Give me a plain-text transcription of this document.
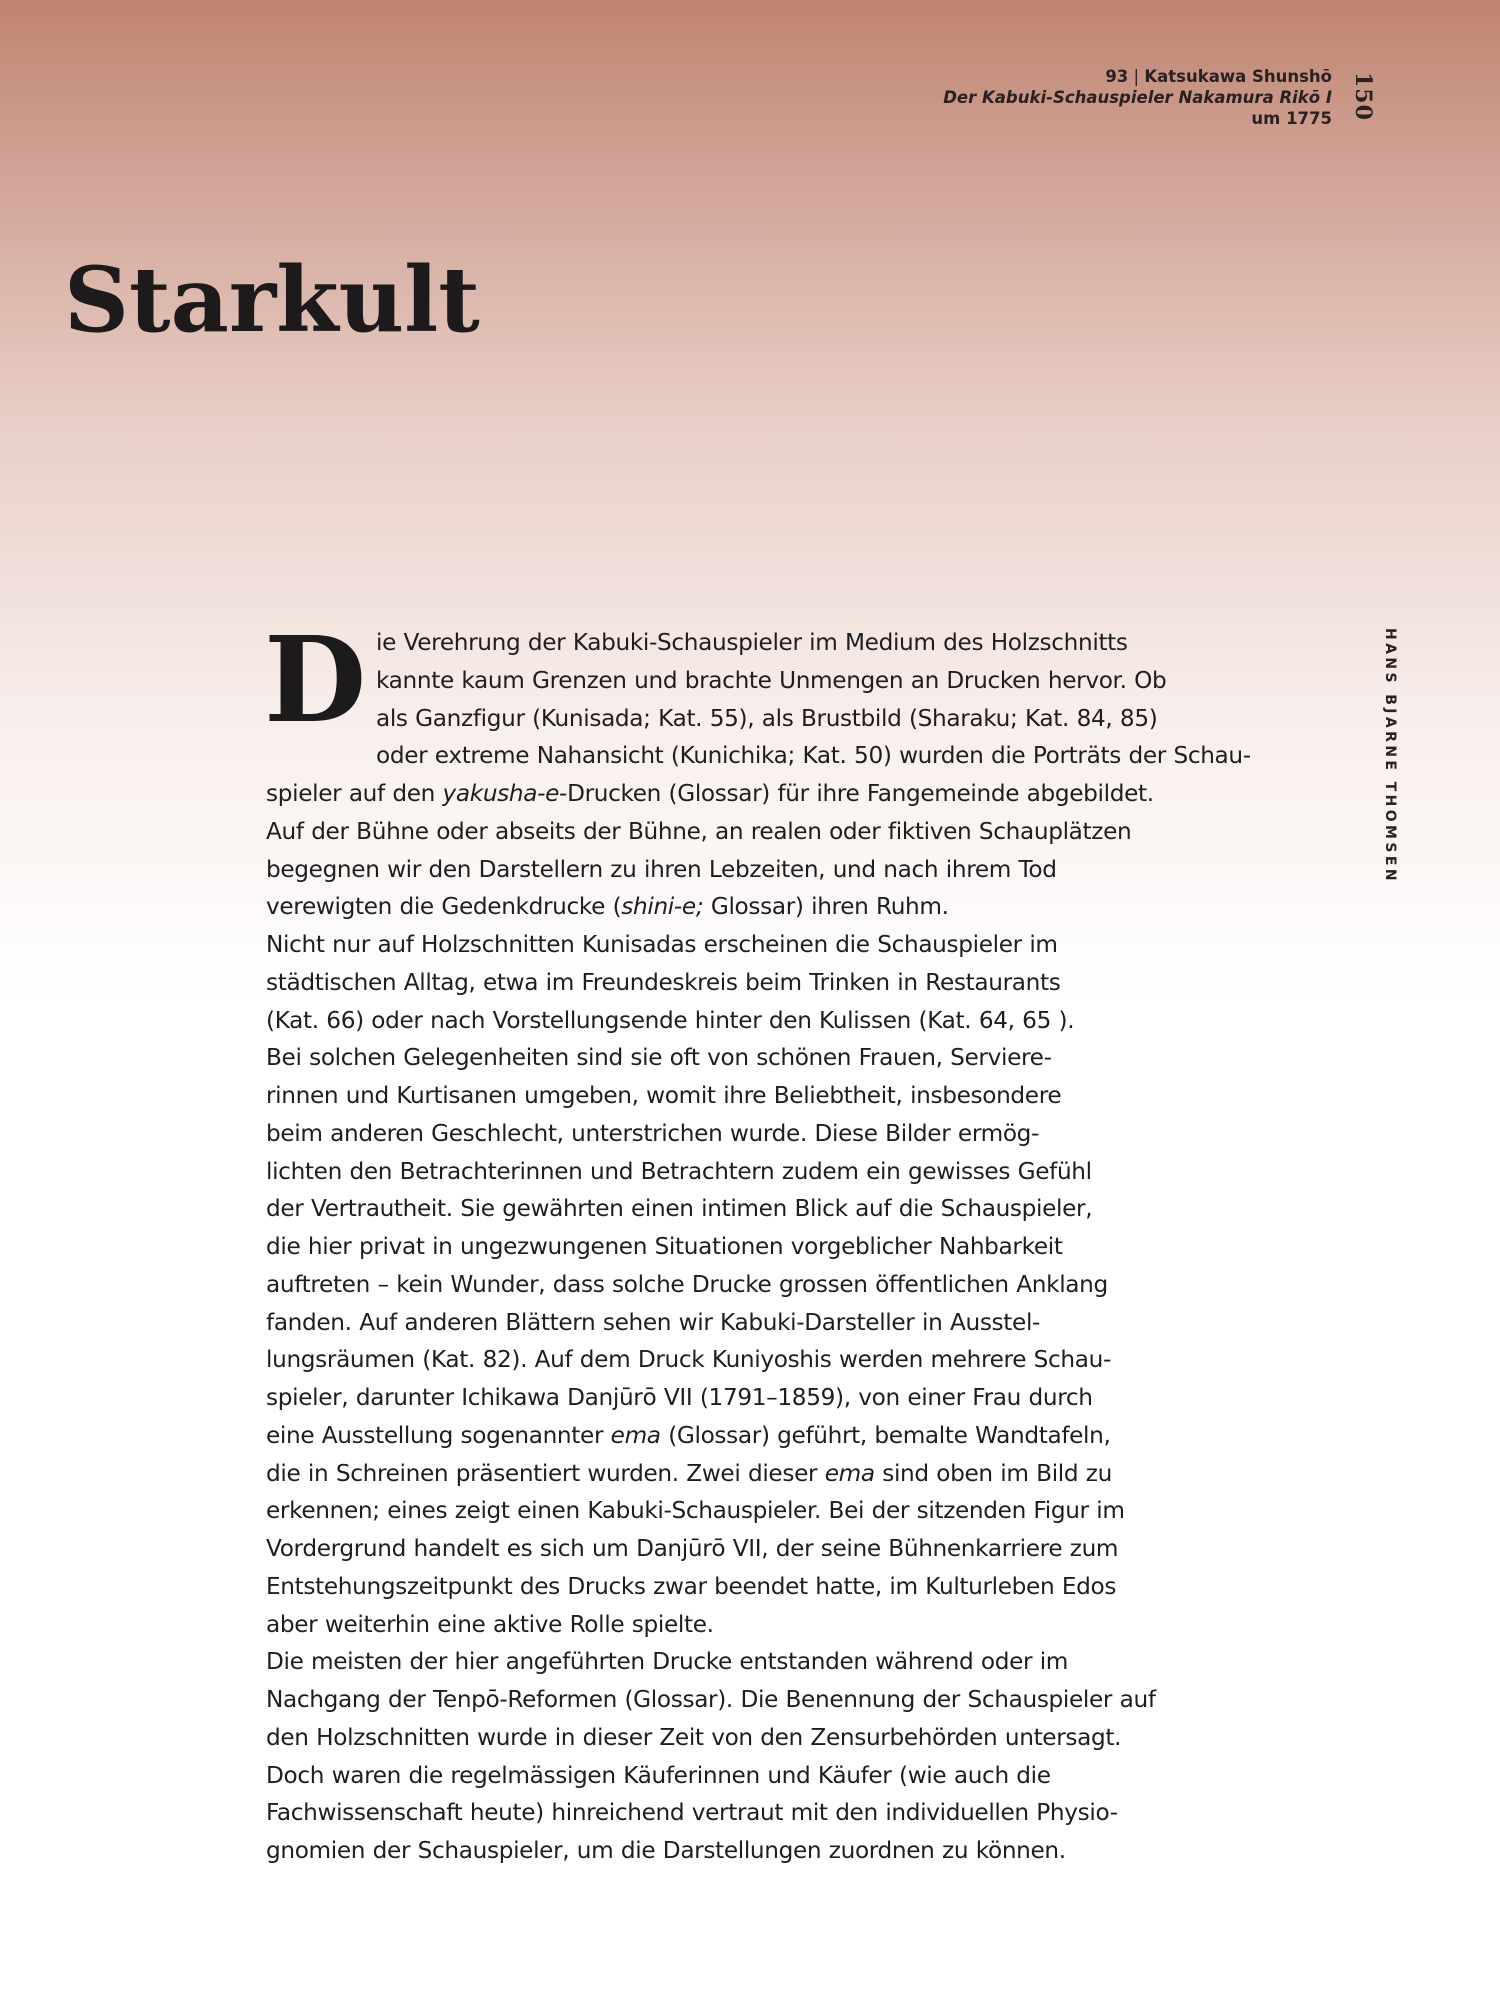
93 | Katsukawa Shunshō
Der Kabuki-Schauspieler Nakamura Rikō I
um 1775 150
HANS BJARNE THOMSEN
Starkult
D ie Verehrung der Kabuki-Schauspieler im Medium des Holzschnitts
kannte kaum Grenzen und brachte Unmengen an Drucken hervor. Ob
als Ganzfigur (Kunisada; Kat. 55), als Brustbild (Sharaku; Kat. 84, 85)
oder extreme Nahansicht (Kunichika; Kat. 50) wurden die Porträts der Schau-
spieler auf den yakusha-e-Drucken (Glossar) für ihre Fangemeinde abgebildet.
Auf der Bühne oder abseits der Bühne, an realen oder fiktiven Schauplätzen
begegnen wir den Darstellern zu ihren Lebzeiten, und nach ihrem Tod
verewigten die Gedenkdrucke (shini-e; Glossar) ihren Ruhm.
Nicht nur auf Holzschnitten Kunisadas erscheinen die Schauspieler im
städtischen Alltag, etwa im Freundeskreis beim Trinken in Restaurants
(Kat. 66) oder nach Vorstellungsende hinter den Kulissen (Kat. 64, 65 ).
Bei solchen Gelegenheiten sind sie oft von schönen Frauen, Serviere-
rinnen und Kurtisanen umgeben, womit ihre Beliebtheit, insbesondere
beim anderen Geschlecht, unterstrichen wurde. Diese Bilder ermög-
lichten den Betrachterinnen und Betrachtern zudem ein gewisses Gefühl
der Vertrautheit. Sie gewährten einen intimen Blick auf die Schauspieler,
die hier privat in ungezwungenen Situationen vorgeblicher Nahbarkeit
auftreten – kein Wunder, dass solche Drucke grossen öffentlichen Anklang
fanden. Auf anderen Blättern sehen wir Kabuki-Darsteller in Ausstel-
lungsräumen (Kat. 82). Auf dem Druck Kuniyoshis werden mehrere Schau-
spieler, darunter Ichikawa Danjūrō VII (1791–1859), von einer Frau durch
eine Ausstellung sogenannter ema (Glossar) geführt, bemalte Wandtafeln,
die in Schreinen präsentiert wurden. Zwei dieser ema sind oben im Bild zu
erkennen; eines zeigt einen Kabuki-Schauspieler. Bei der sitzenden Figur im
Vordergrund handelt es sich um Danjūrō VII, der seine Bühnenkarriere zum
Entstehungszeitpunkt des Drucks zwar beendet hatte, im Kulturleben Edos
aber weiterhin eine aktive Rolle spielte.
Die meisten der hier angeführten Drucke entstanden während oder im
Nachgang der Tenpō-Reformen (Glossar). Die Benennung der Schauspieler auf
den Holzschnitten wurde in dieser Zeit von den Zensurbehörden untersagt.
Doch waren die regelmässigen Käuferinnen und Käufer (wie auch die
Fachwissenschaft heute) hinreichend vertraut mit den individuellen Physio-
gnomien der Schauspieler, um die Darstellungen zuordnen zu können.
